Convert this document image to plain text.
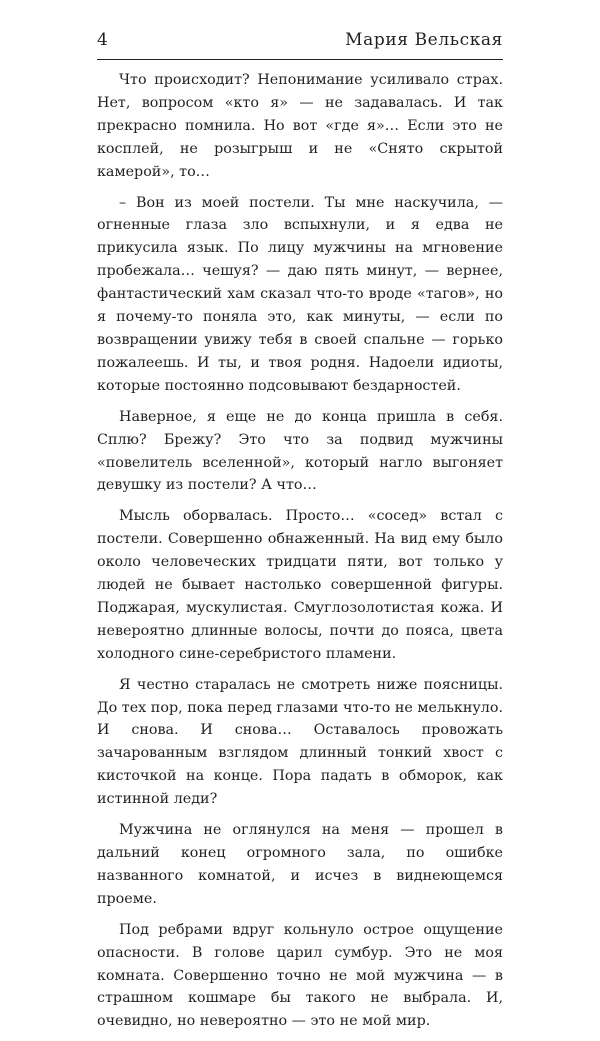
4	Мария Вельская

Что происходит? Непонимание усиливало страх. Нет, вопросом «кто я» — не задавалась. И так прекрасно помнила. Но вот «где я»… Если это не косплей, не розыгрыш и не «Снято скрытой камерой», то…

– Вон из моей постели. Ты мне наскучила, — огненные глаза зло вспыхнули, и я едва не прикусила язык. По лицу мужчины на мгновение пробежала… чешуя? — даю пять минут, — вернее, фантастический хам сказал что-то вроде «тагов», но я почему-то поняла это, как минуты, — если по возвращении увижу тебя в своей спальне — горько пожалеешь. И ты, и твоя родня. Надоели идиоты, которые постоянно подсовывают бездарностей.

Наверное, я еще не до конца пришла в себя. Сплю? Брежу? Это что за подвид мужчины «повелитель вселенной», который нагло выгоняет девушку из постели? А что…

Мысль оборвалась. Просто… «сосед» встал с постели. Совершенно обнаженный. На вид ему было около человеческих тридцати пяти, вот только у людей не бывает настолько совершенной фигуры. Поджарая, мускулистая. Смуглозолотистая кожа. И невероятно длинные волосы, почти до пояса, цвета холодного сине-серебристого пламени.

Я честно старалась не смотреть ниже поясницы. До тех пор, пока перед глазами что-то не мелькнуло. И снова. И снова… Оставалось провожать зачарованным взглядом длинный тонкий хвост с кисточкой на конце. Пора падать в обморок, как истинной леди?

Мужчина не оглянулся на меня — прошел в дальний конец огромного зала, по ошибке названного комнатой, и исчез в виднеющемся проеме.

Под ребрами вдруг кольнуло острое ощущение опасности. В голове царил сумбур. Это не моя комната. Совершенно точно не мой мужчина — в страшном кошмаре бы такого не выбрала. И, очевидно, но невероятно — это не мой мир.
